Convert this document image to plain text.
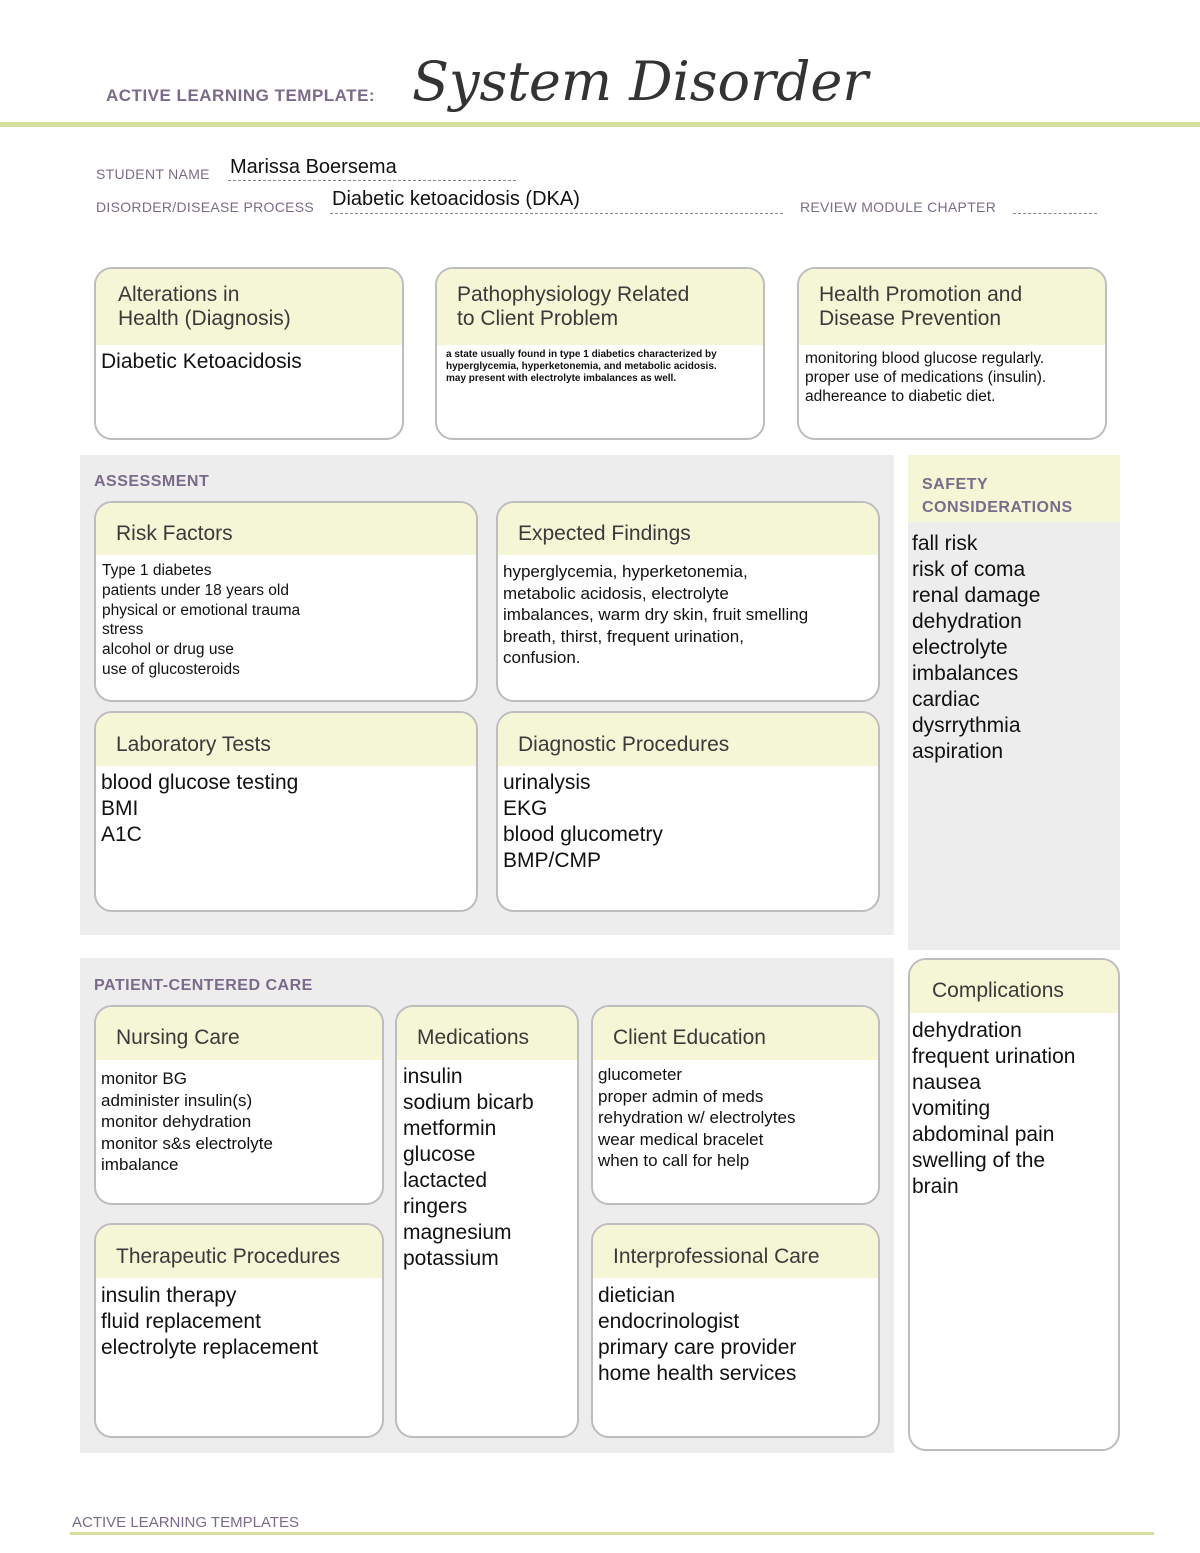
ACTIVE LEARNING TEMPLATE: System Disorder
STUDENT NAME Marissa Boersema
DISORDER/DISEASE PROCESS Diabetic ketoacidosis (DKA)	REVIEW MODULE CHAPTER
Alterations in
Health (Diagnosis)
Diabetic Ketoacidosis
Pathophysiology Related
to Client Problem
a state usually found in type 1 diabetics characterized by
hyperglycemia, hyperketonemia, and metabolic acidosis.
may present with electrolyte imbalances as well.
Health Promotion and
Disease Prevention
monitoring blood glucose regularly.
proper use of medications (insulin).
adhereance to diabetic diet.
ASSESSMENT
Risk Factors
Type 1 diabetes
patients under 18 years old
physical or emotional trauma
stress
alcohol or drug use
use of glucosteroids
Expected Findings
hyperglycemia, hyperketonemia,
metabolic acidosis, electrolyte
imbalances, warm dry skin, fruit smelling
breath, thirst, frequent urination,
confusion.
Laboratory Tests
blood glucose testing
BMI
A1C
Diagnostic Procedures
urinalysis
EKG
blood glucometry
BMP/CMP
SAFETY
CONSIDERATIONS
fall risk
risk of coma
renal damage
dehydration
electrolyte
imbalances
cardiac
dysrrythmia
aspiration
PATIENT-CENTERED CARE
Nursing Care
monitor BG
administer insulin(s)
monitor dehydration
monitor s&s electrolyte
imbalance
Medications
insulin
sodium bicarb
metformin
glucose
lactacted
ringers
magnesium
potassium
Client Education
glucometer
proper admin of meds
rehydration w/ electrolytes
wear medical bracelet
when to call for help
Therapeutic Procedures
insulin therapy
fluid replacement
electrolyte replacement
Interprofessional Care
dietician
endocrinologist
primary care provider
home health services
Complications
dehydration
frequent urination
nausea
vomiting
abdominal pain
swelling of the
brain
ACTIVE LEARNING TEMPLATES
